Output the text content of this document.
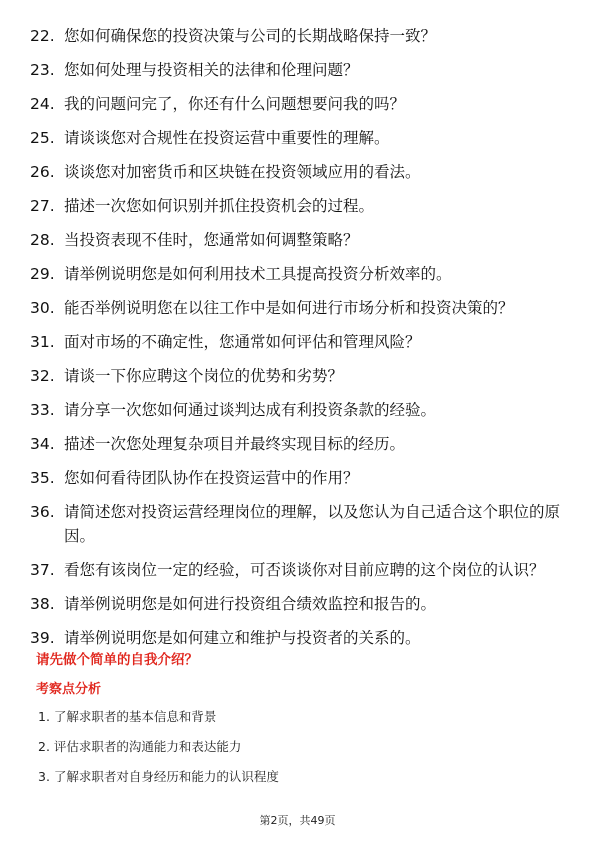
22. 您如何确保您的投资决策与公司的长期战略保持一致？
23. 您如何处理与投资相关的法律和伦理问题？
24. 我的问题问完了，你还有什么问题想要问我的吗？
25. 请谈谈您对合规性在投资运营中重要性的理解。
26. 谈谈您对加密货币和区块链在投资领域应用的看法。
27. 描述一次您如何识别并抓住投资机会的过程。
28. 当投资表现不佳时，您通常如何调整策略？
29. 请举例说明您是如何利用技术工具提高投资分析效率的。
30. 能否举例说明您在以往工作中是如何进行市场分析和投资决策的？
31. 面对市场的不确定性，您通常如何评估和管理风险？
32. 请谈一下你应聘这个岗位的优势和劣势？
33. 请分享一次您如何通过谈判达成有利投资条款的经验。
34. 描述一次您处理复杂项目并最终实现目标的经历。
35. 您如何看待团队协作在投资运营中的作用？
36. 请简述您对投资运营经理岗位的理解，以及您认为自己适合这个职位的原因。
37. 看您有该岗位一定的经验，可否谈谈你对目前应聘的这个岗位的认识？
38. 请举例说明您是如何进行投资组合绩效监控和报告的。
39. 请举例说明您是如何建立和维护与投资者的关系的。
请先做个简单的自我介绍？
考察点分析
1. 了解求职者的基本信息和背景
2. 评估求职者的沟通能力和表达能力
3. 了解求职者对自身经历和能力的认识程度
第2页，共49页
